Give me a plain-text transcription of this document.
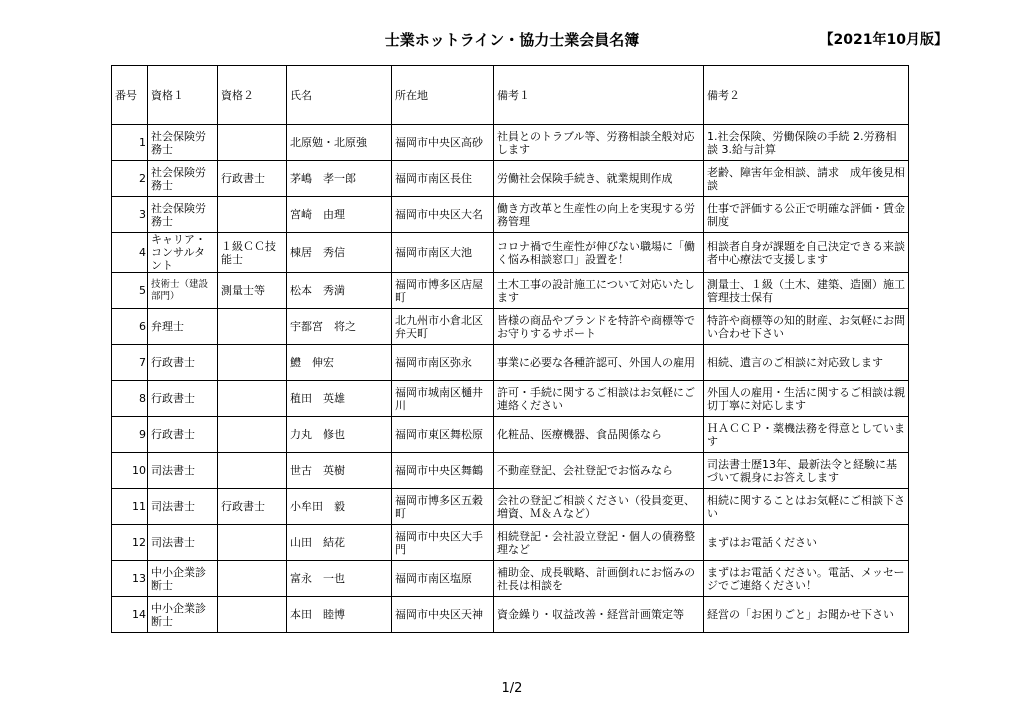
士業ホットライン・協力士業会員名簿	【2021年10月版】
番号	資格１	資格２	氏名	所在地	備考１	備考２
1	社会保険労務士		北原勉・北原強	福岡市中央区高砂	社員とのトラブル等、労務相談全般対応します	1.社会保険、労働保険の手続 2.労務相談 3.給与計算
2	社会保険労務士	行政書士	茅嶋　孝一郎	福岡市南区長住	労働社会保険手続き、就業規則作成	老齢、障害年金相談、請求　成年後見相談
3	社会保険労務士		宮崎　由理	福岡市中央区大名	働き方改革と生産性の向上を実現する労務管理	仕事で評価する公正で明確な評価・賃金制度
4	キャリア・コンサルタント	１級ＣＣ技能士	棟居　秀信	福岡市南区大池	コロナ禍で生産性が伸びない職場に「働く悩み相談窓口」設置を！	相談者自身が課題を自己決定できる来談者中心療法で支援します
5	技術士（建設部門）	測量士等	松本　秀満	福岡市博多区店屋町	土木工事の設計施工について対応いたします	測量士、１級（土木、建築、造園）施工管理技士保有
6	弁理士		宇都宮　将之	北九州市小倉北区弁天町	皆様の商品やブランドを特許や商標等でお守りするサポート	特許や商標等の知的財産、お気軽にお問い合わせ下さい
7	行政書士		鱧　伸宏	福岡市南区弥永	事業に必要な各種許認可、外国人の雇用	相続、遺言のご相談に対応致します
8	行政書士		稙田　英雄	福岡市城南区樋井川	許可・手続に関するご相談はお気軽にご連絡ください	外国人の雇用・生活に関するご相談は親切丁寧に対応します
9	行政書士		力丸　修也	福岡市東区舞松原	化粧品、医療機器、食品関係なら	ＨＡＣＣＰ・薬機法務を得意としています
10	司法書士		世古　英樹	福岡市中央区舞鶴	不動産登記、会社登記でお悩みなら	司法書士歴13年、最新法令と経験に基づいて親身にお答えします
11	司法書士	行政書士	小牟田　毅	福岡市博多区五穀町	会社の登記ご相談ください（役員変更、増資、Ｍ＆Ａなど）	相続に関することはお気軽にご相談下さい
12	司法書士		山田　結花	福岡市中央区大手門	相続登記・会社設立登記・個人の債務整理など	まずはお電話ください
13	中小企業診断士		富永　一也	福岡市南区塩原	補助金、成長戦略、計画倒れにお悩みの社長は相談を	まずはお電話ください。電話、メッセージでご連絡ください！
14	中小企業診断士		本田　睦博	福岡市中央区天神	資金繰り・収益改善・経営計画策定等	経営の「お困りごと」お聞かせ下さい
1/2
